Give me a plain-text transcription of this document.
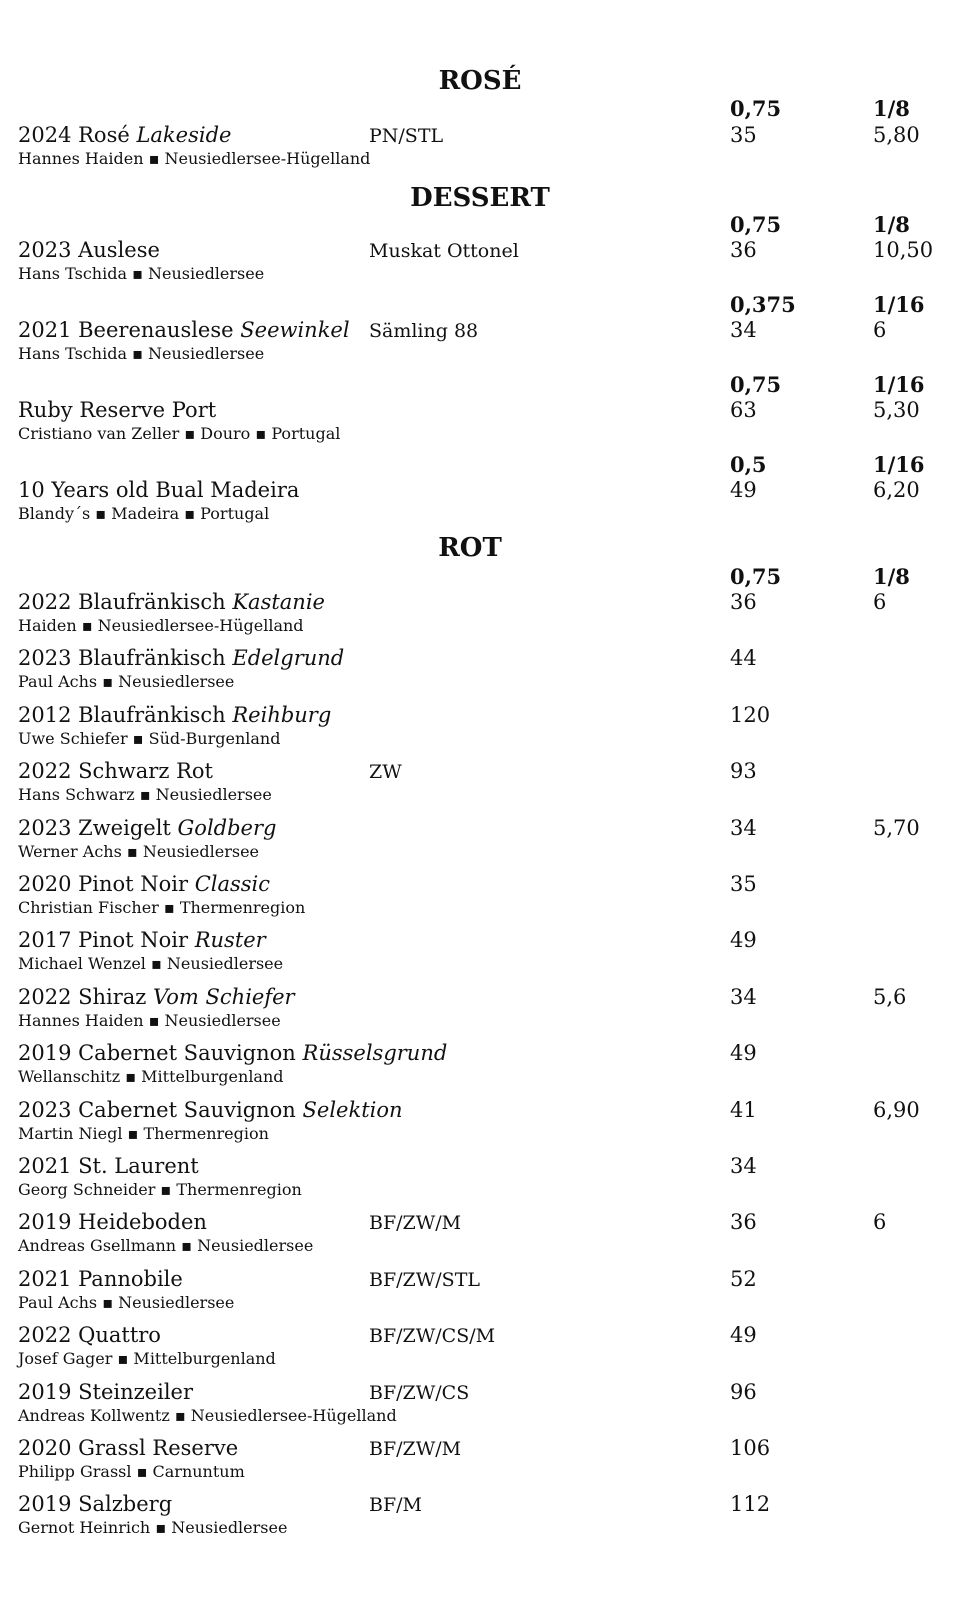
ROSÉ
0,75	1/8
2024 Rosé Lakeside
Hannes Haiden ▪ Neusiedlersee-Hügelland
PN/STL	35	5,80
DESSERT
0,75	1/8
2023 Auslese
Hans Tschida ▪ Neusiedlersee
Muskat Ottonel	36	10,50
0,375	1/16
2021 Beerenauslese Seewinkel
Hans Tschida ▪ Neusiedlersee
Sämling 88	34	6
0,75	1/16
Ruby Reserve Port
Cristiano van Zeller ▪ Douro ▪ Portugal
63	5,30
0,5	1/16
10 Years old Bual Madeira
Blandy´s ▪ Madeira ▪ Portugal
49	6,20
ROT
0,75	1/8
2022 Blaufränkisch Kastanie
Haiden ▪ Neusiedlersee-Hügelland
36	6
2023 Blaufränkisch Edelgrund
Paul Achs ▪ Neusiedlersee
44
2012 Blaufränkisch Reihburg
Uwe Schiefer ▪ Süd-Burgenland
120
2022 Schwarz Rot
Hans Schwarz ▪ Neusiedlersee
ZW	93
2023 Zweigelt Goldberg
Werner Achs ▪ Neusiedlersee
34	5,70
2020 Pinot Noir Classic
Christian Fischer ▪ Thermenregion
35
2017 Pinot Noir Ruster
Michael Wenzel ▪ Neusiedlersee
49
2022 Shiraz Vom Schiefer
Hannes Haiden ▪ Neusiedlersee
34	5,6
2019 Cabernet Sauvignon Rüsselsgrund
Wellanschitz ▪ Mittelburgenland
49
2023 Cabernet Sauvignon Selektion
Martin Niegl ▪ Thermenregion
41	6,90
2021 St. Laurent
Georg Schneider ▪ Thermenregion
34
2019 Heideboden
Andreas Gsellmann ▪ Neusiedlersee
BF/ZW/M	36	6
2021 Pannobile
Paul Achs ▪ Neusiedlersee
BF/ZW/STL	52
2022 Quattro
Josef Gager ▪ Mittelburgenland
BF/ZW/CS/M	49
2019 Steinzeiler
Andreas Kollwentz ▪ Neusiedlersee-Hügelland
BF/ZW/CS	96
2020 Grassl Reserve
Philipp Grassl ▪ Carnuntum
BF/ZW/M	106
2019 Salzberg
Gernot Heinrich ▪ Neusiedlersee
BF/M	112
